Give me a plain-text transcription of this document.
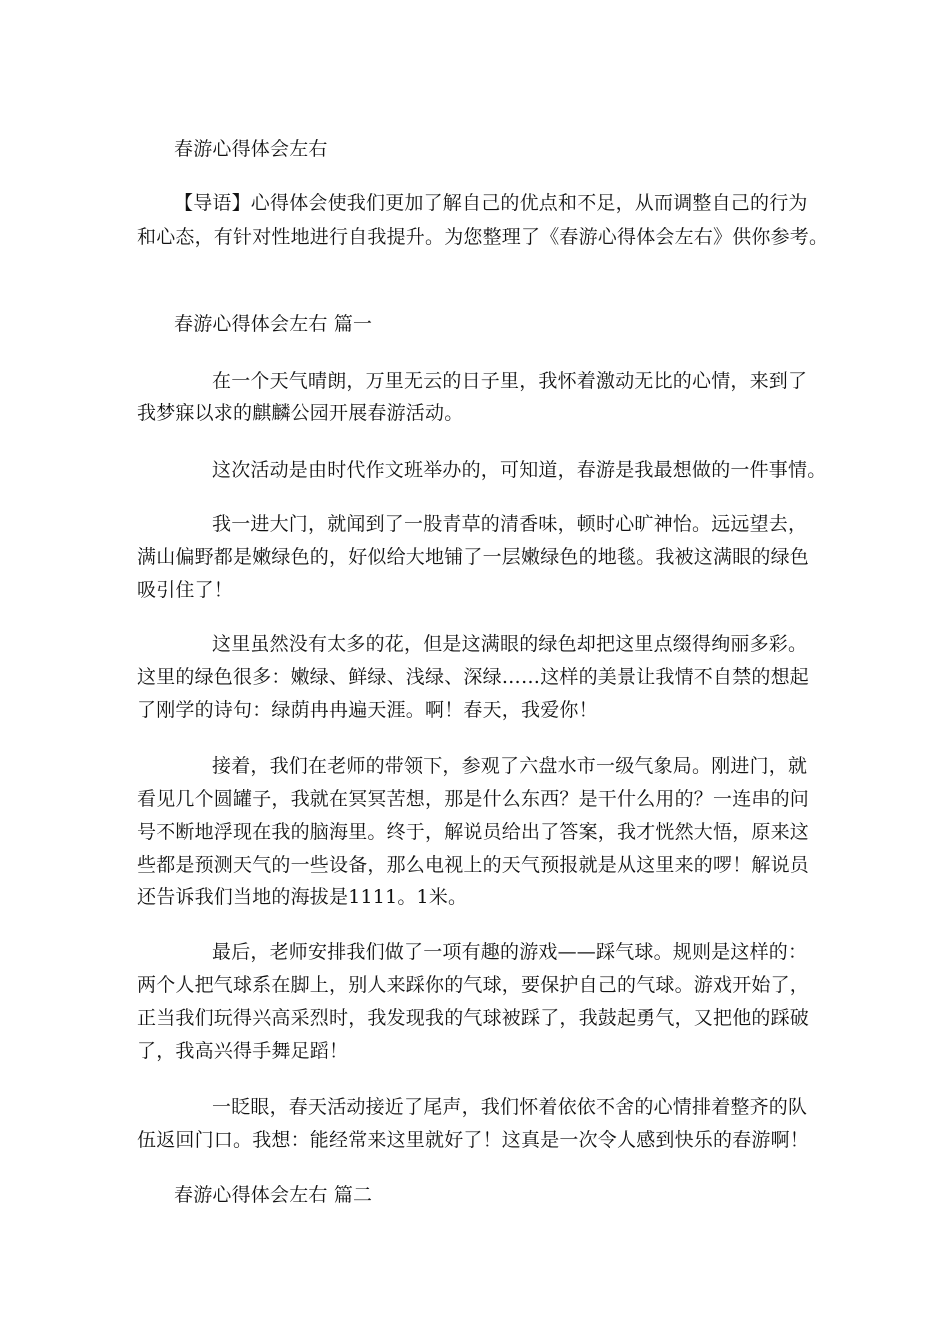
春游心得体会左右
【导语】心得体会使我们更加了解自己的优点和不足，从而调整自己的行为
和心态，有针对性地进行自我提升。为您整理了《春游心得体会左右》供你参考。
春游心得体会左右 篇一
在一个天气晴朗，万里无云的日子里，我怀着激动无比的心情，来到了
我梦寐以求的麒麟公园开展春游活动。
这次活动是由时代作文班举办的，可知道，春游是我最想做的一件事情。
我一进大门，就闻到了一股青草的清香味，顿时心旷神怡。远远望去，
满山偏野都是嫩绿色的，好似给大地铺了一层嫩绿色的地毯。我被这满眼的绿色
吸引住了！
这里虽然没有太多的花，但是这满眼的绿色却把这里点缀得绚丽多彩。
这里的绿色很多：嫩绿、鲜绿、浅绿、深绿……这样的美景让我情不自禁的想起
了刚学的诗句：绿荫冉冉遍天涯。啊！春天，我爱你！
接着，我们在老师的带领下，参观了六盘水市一级气象局。刚进门，就
看见几个圆罐子，我就在冥冥苦想，那是什么东西？是干什么用的？一连串的问
号不断地浮现在我的脑海里。终于，解说员给出了答案，我才恍然大悟，原来这
些都是预测天气的一些设备，那么电视上的天气预报就是从这里来的啰！解说员
还告诉我们当地的海拔是1111。1米。
最后，老师安排我们做了一项有趣的游戏——踩气球。规则是这样的：
两个人把气球系在脚上，别人来踩你的气球，要保护自己的气球。游戏开始了，
正当我们玩得兴高采烈时，我发现我的气球被踩了，我鼓起勇气，又把他的踩破
了，我高兴得手舞足蹈！
一眨眼，春天活动接近了尾声，我们怀着依依不舍的心情排着整齐的队
伍返回门口。我想：能经常来这里就好了！这真是一次令人感到快乐的春游啊！
春游心得体会左右 篇二
